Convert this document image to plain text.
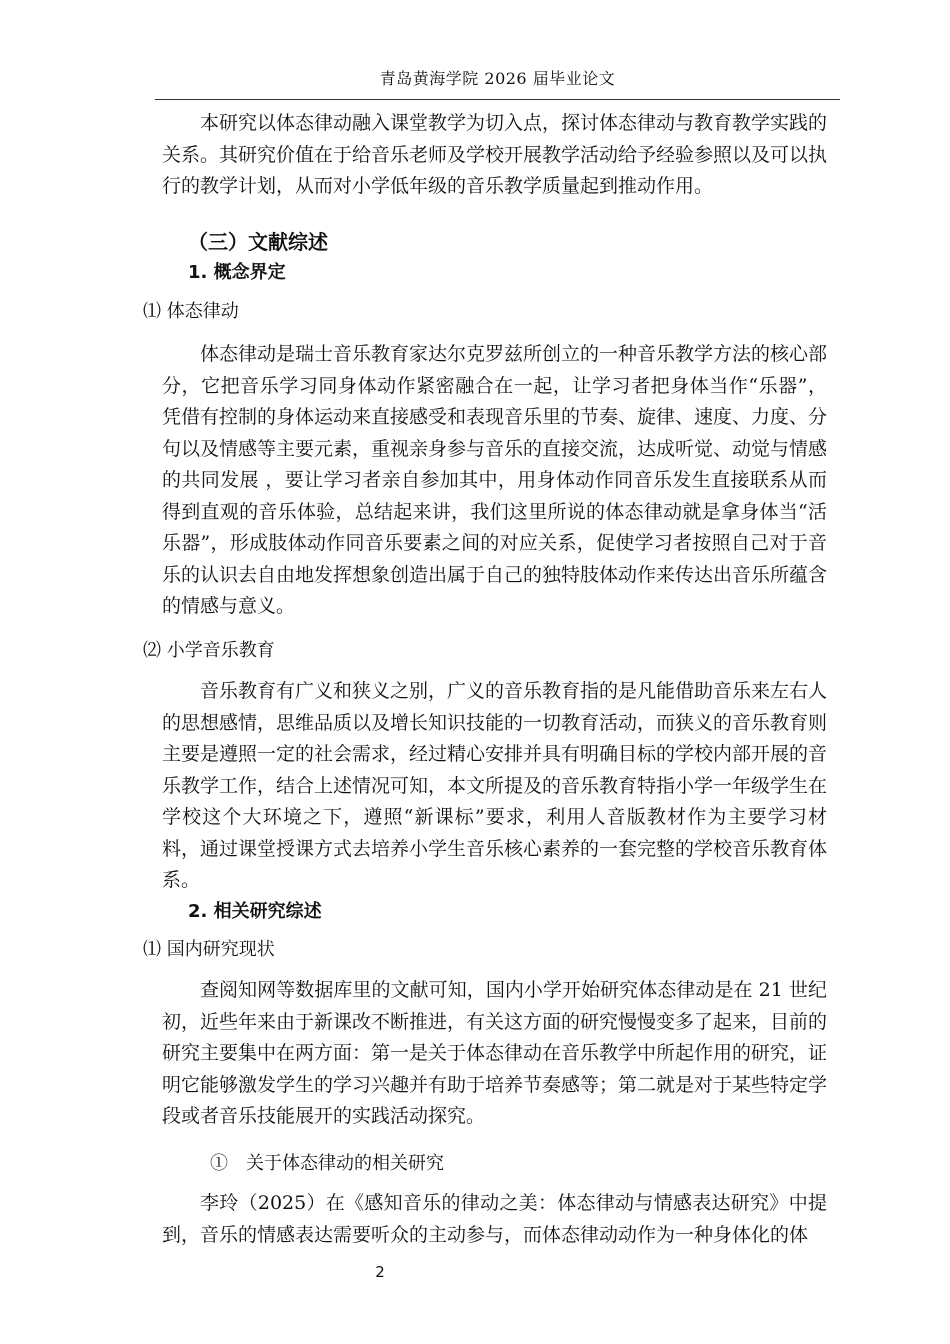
青岛黄海学院 2026 届毕业论文

本研究以体态律动融入课堂教学为切入点，探讨体态律动与教育教学实践的关系。其研究价值在于给音乐老师及学校开展教学活动给予经验参照以及可以执行的教学计划，从而对小学低年级的音乐教学质量起到推动作用。

（三）文献综述
1. 概念界定
⑴ 体态律动

体态律动是瑞士音乐教育家达尔克罗兹所创立的一种音乐教学方法的核心部分，它把音乐学习同身体动作紧密融合在一起，让学习者把身体当作“乐器”，凭借有控制的身体运动来直接感受和表现音乐里的节奏、旋律、速度、力度、分句以及情感等主要元素，重视亲身参与音乐的直接交流，达成听觉、动觉与情感的共同发展 ，要让学习者亲自参加其中，用身体动作同音乐发生直接联系从而得到直观的音乐体验，总结起来讲，我们这里所说的体态律动就是拿身体当“活乐器”，形成肢体动作同音乐要素之间的对应关系，促使学习者按照自己对于音乐的认识去自由地发挥想象创造出属于自己的独特肢体动作来传达出音乐所蕴含的情感与意义。

⑵ 小学音乐教育

音乐教育有广义和狭义之别，广义的音乐教育指的是凡能借助音乐来左右人的思想感情，思维品质以及增长知识技能的一切教育活动，而狭义的音乐教育则主要是遵照一定的社会需求，经过精心安排并具有明确目标的学校内部开展的音乐教学工作，结合上述情况可知，本文所提及的音乐教育特指小学一年级学生在学校这个大环境之下，遵照“新课标”要求，利用人音版教材作为主要学习材料，通过课堂授课方式去培养小学生音乐核心素养的一套完整的学校音乐教育体系。

2. 相关研究综述
⑴ 国内研究现状

查阅知网等数据库里的文献可知，国内小学开始研究体态律动是在 21 世纪初，近些年来由于新课改不断推进，有关这方面的研究慢慢变多了起来，目前的研究主要集中在两方面：第一是关于体态律动在音乐教学中所起作用的研究，证明它能够激发学生的学习兴趣并有助于培养节奏感等；第二就是对于某些特定学段或者音乐技能展开的实践活动探究。

①　关于体态律动的相关研究

李玲（2025）在《感知音乐的律动之美：体态律动与情感表达研究》中提到，音乐的情感表达需要听众的主动参与，而体态律动动作为一种身体化的体

2
